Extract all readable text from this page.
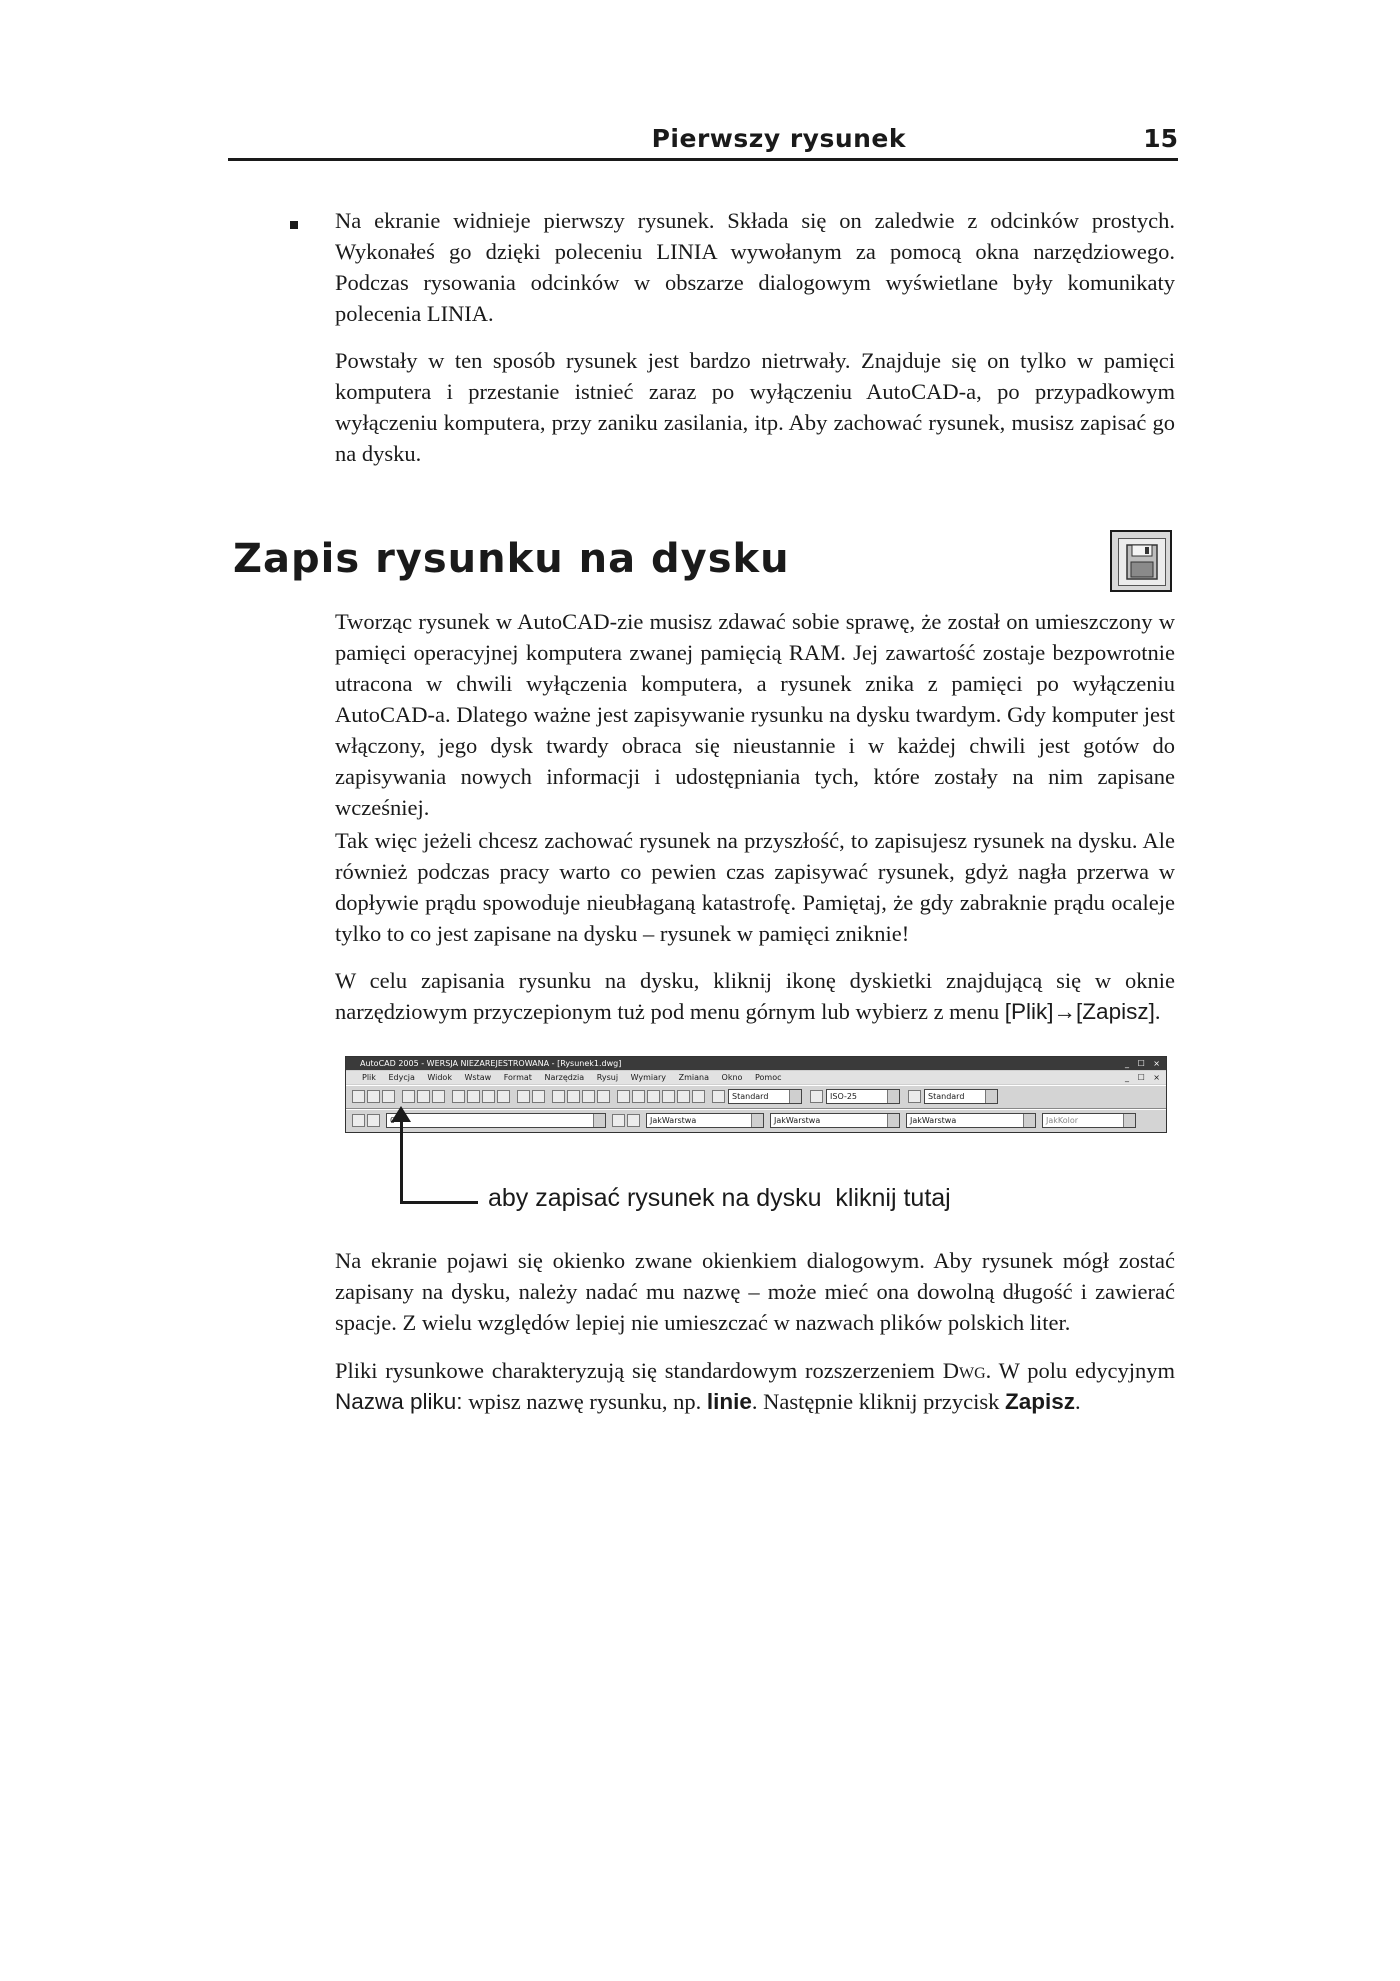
Pierwszy rysunek	15

Na ekranie widnieje pierwszy rysunek. Składa się on zaledwie z odcinków prostych. Wykonałeś go dzięki poleceniu LINIA wywołanym za pomocą okna narzędziowego. Podczas rysowania odcinków w obszarze dialogowym wyświetlane były komunikaty polecenia LINIA.

Powstały w ten sposób rysunek jest bardzo nietrwały. Znajduje się on tylko w pamięci komputera i przestanie istnieć zaraz po wyłączeniu AutoCAD-a, po przypadkowym wyłączeniu komputera, przy zaniku zasilania, itp. Aby zachować rysunek, musisz zapisać go na dysku.

Zapis rysunku na dysku

Tworząc rysunek w AutoCAD-zie musisz zdawać sobie sprawę, że został on umieszczony w pamięci operacyjnej komputera zwanej pamięcią RAM. Jej zawartość zostaje bezpowrotnie utracona w chwili wyłączenia komputera, a rysunek znika z pamięci po wyłączeniu AutoCAD-a. Dlatego ważne jest zapisywanie rysunku na dysku twardym. Gdy komputer jest włączony, jego dysk twardy obraca się nieustannie i w każdej chwili jest gotów do zapisywania nowych informacji i udostępniania tych, które zostały na nim zapisane wcześniej.

Tak więc jeżeli chcesz zachować rysunek na przyszłość, to zapisujesz rysunek na dysku. Ale również podczas pracy warto co pewien czas zapisywać rysunek, gdyż nagła przerwa w dopływie prądu spowoduje nieubłaganą katastrofę. Pamiętaj, że gdy zabraknie prądu ocaleje tylko to co jest zapisane na dysku – rysunek w pamięci zniknie!

W celu zapisania rysunku na dysku, kliknij ikonę dyskietki znajdującą się w oknie narzędziowym przyczepionym tuż pod menu górnym lub wybierz z menu [Plik]→[Zapisz].

AutoCAD 2005 - WERSJA NIEZAREJESTROWANA - [Rysunek1.dwg]	_ ☐ ×
Plik Edycja Widok Wstaw Format Narzędzia Rysuj Wymiary Zmiana Okno Pomoc	_ ☐ ×
Standard	ISO-25	Standard
0	JakWarstwa	JakWarstwa	JakWarstwa	JakKolor

aby zapisać rysunek na dysku  kliknij tutaj

Na ekranie pojawi się okienko zwane okienkiem dialogowym. Aby rysunek mógł zostać zapisany na dysku, należy nadać mu nazwę – może mieć ona dowolną długość i zawierać spacje. Z wielu względów lepiej nie umieszczać w nazwach plików polskich liter.

Pliki rysunkowe charakteryzują się standardowym rozszerzeniem Dwg. W polu edycyjnym Nazwa pliku: wpisz nazwę rysunku, np. linie. Następnie kliknij przycisk Zapisz.
